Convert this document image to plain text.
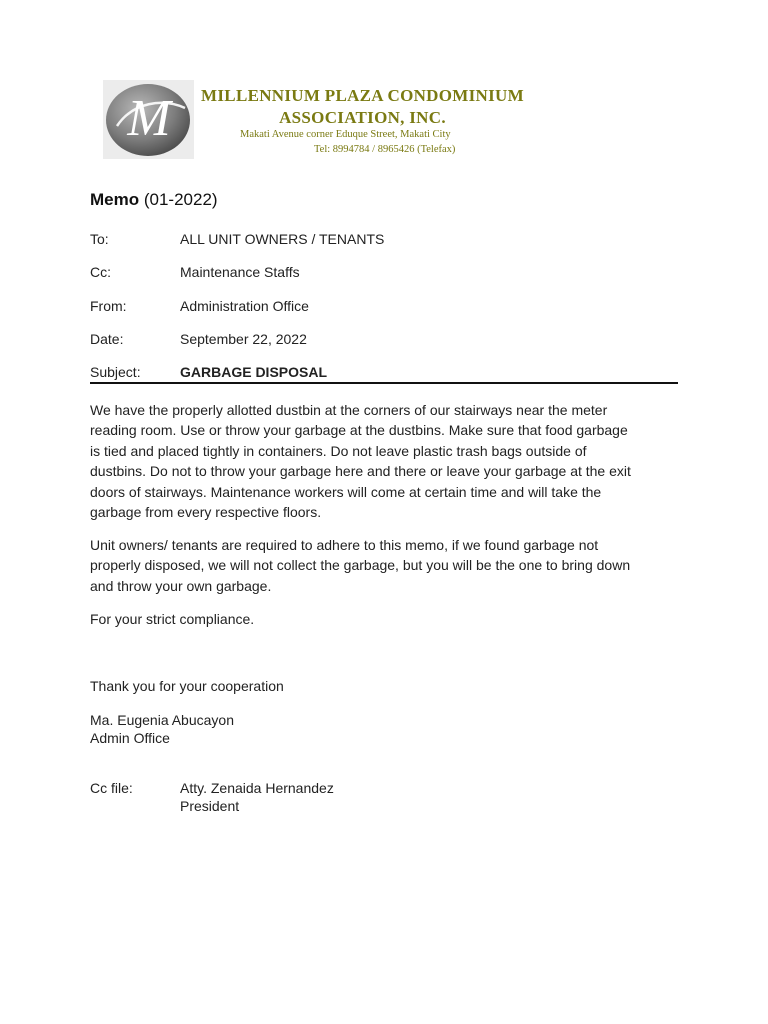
M	MILLENNIUM PLAZA CONDOMINIUM
ASSOCIATION, INC.
Makati Avenue corner Eduque Street, Makati City
Tel: 8994784 / 8965426 (Telefax)
Memo (01-2022)
To:	ALL UNIT OWNERS / TENANTS
Cc:	Maintenance Staffs
From:	Administration Office
Date:	September 22, 2022
Subject:	GARBAGE DISPOSAL
We have the properly allotted dustbin at the corners of our stairways near the meter
reading room. Use or throw your garbage at the dustbins. Make sure that food garbage
is tied and placed tightly in containers. Do not leave plastic trash bags outside of
dustbins. Do not to throw your garbage here and there or leave your garbage at the exit
doors of stairways. Maintenance workers will come at certain time and will take the
garbage from every respective floors.
Unit owners/ tenants are required to adhere to this memo, if we found garbage not
properly disposed, we will not collect the garbage, but you will be the one to bring down
and throw your own garbage.
For your strict compliance.
Thank you for your cooperation
Ma. Eugenia Abucayon
Admin Office
Cc file:	Atty. Zenaida Hernandez
President
